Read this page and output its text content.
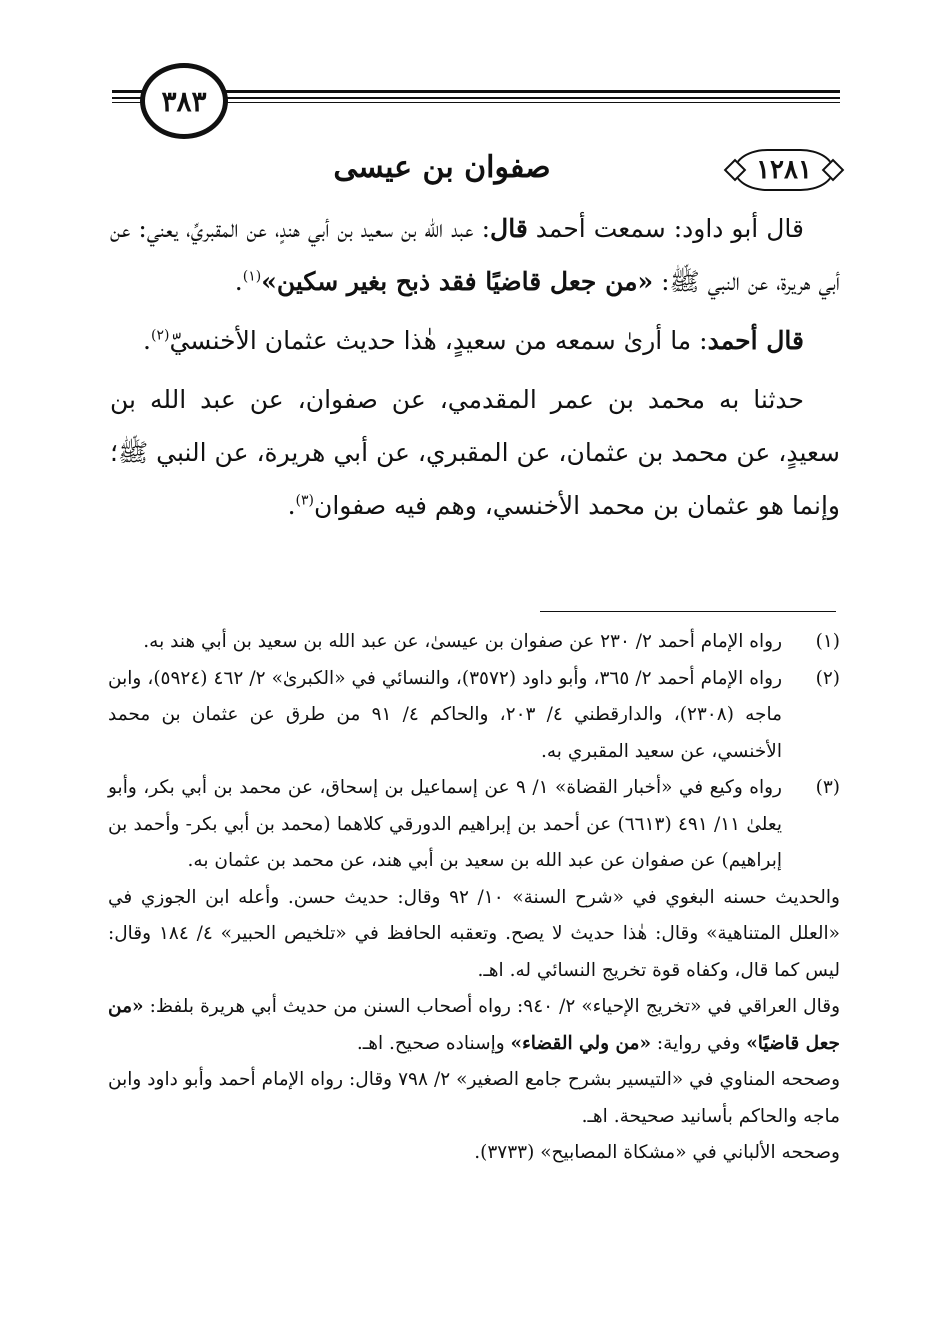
٣٨٣
١٢٨١
صفوان بن عيسى

قال أبو داود: سمعت أحمد قال: عبد الله بن سعيد بن أبي هندٍ، عن المقبريِّ، يعني: عن أبي هريرة، عن النبي ﷺ: «من جعل قاضيًا فقد ذبح بغير سكين»$^{(١)}$.

قال أحمد: ما أرىٰ سمعه من سعيدٍ، هٰذا حديث عثمان الأخنسيّ$^{(٢)}$.

حدثنا به محمد بن عمر المقدمي، عن صفوان، عن عبد الله بن سعيدٍ، عن محمد بن عثمان، عن المقبري، عن أبي هريرة، عن النبي ﷺ؛ وإنما هو عثمان بن محمد الأخنسي، وهم فيه صفوان$^{(٣)}$.

(١)
رواه الإمام أحمد ٢/ ٢٣٠ عن صفوان بن عيسىٰ، عن عبد الله بن سعيد بن أبي هند به.
(٢)
رواه الإمام أحمد ٢/ ٣٦٥، وأبو داود (٣٥٧٢)، والنسائي في «الكبرىٰ» ٢/ ٤٦٢ (٥٩٢٤)، وابن ماجه (٢٣٠٨)، والدارقطني ٤/ ٢٠٣، والحاكم ٤/ ٩١ من طرق عن عثمان بن محمد الأخنسي، عن سعيد المقبري به.
(٣)
رواه وكيع في «أخبار القضاة» ١/ ٩ عن إسماعيل بن إسحاق، عن محمد بن أبي بكر، وأبو يعلىٰ ١١/ ٤٩١ (٦٦١٣) عن أحمد بن إبراهيم الدورقي كلاهما (محمد بن أبي بكر- وأحمد بن إبراهيم) عن صفوان عن عبد الله بن سعيد بن أبي هند، عن محمد بن عثمان به.
والحديث حسنه البغوي في «شرح السنة» ١٠/ ٩٢ وقال: حديث حسن. وأعله ابن الجوزي في «العلل المتناهية» وقال: هٰذا حديث لا يصح. وتعقبه الحافظ في «تلخيص الحبير» ٤/ ١٨٤ وقال: ليس كما قال، وكفاه قوة تخريج النسائي له. اهـ.
وقال العراقي في «تخريج الإحياء» ٢/ ٩٤٠: رواه أصحاب السنن من حديث أبي هريرة بلفظ: «من جعل قاضيًا» وفي رواية: «من ولي القضاء» وإسناده صحيح. اهـ.
وصححه المناوي في «التيسير بشرح جامع الصغير» ٢/ ٧٩٨ وقال: رواه الإمام أحمد وأبو داود وابن ماجه والحاكم بأسانيد صحيحة. اهـ.
وصححه الألباني في «مشكاة المصابيح» (٣٧٣٣).
